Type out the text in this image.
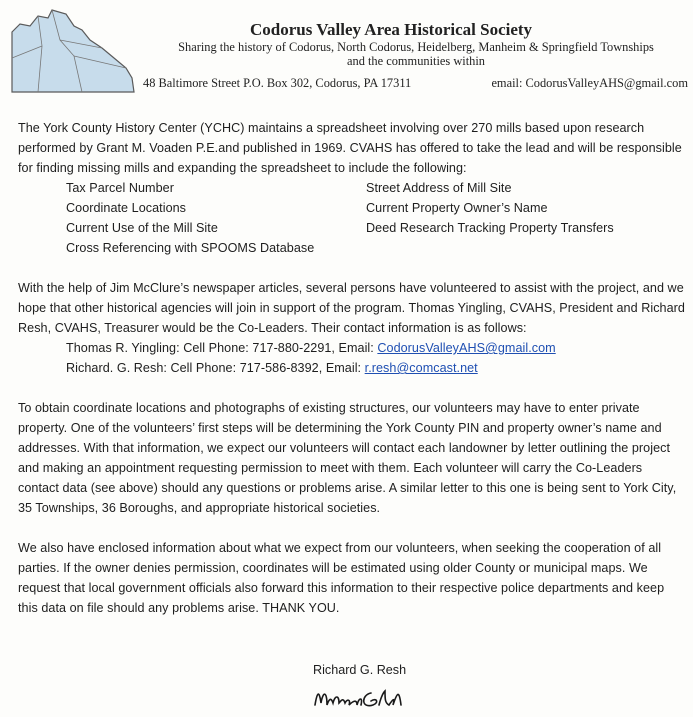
Codorus Valley Area Historical Society
Sharing the history of Codorus, North Codorus, Heidelberg, Manheim & Springfield Townships
and the communities within
48 Baltimore Street P.O. Box 302, Codorus, PA 17311	email: CodorusValleyAHS@gmail.com

The York County History Center (YCHC) maintains a spreadsheet involving over 270 mills based upon research performed by Grant M. Voaden P.E.and published in 1969. CVAHS has offered to take the lead and will be responsible for finding missing mills and expanding the spreadsheet to include the following:

Tax Parcel Number	Street Address of Mill Site
Coordinate Locations	Current Property Owner’s Name
Current Use of the Mill Site	Deed Research Tracking Property Transfers
Cross Referencing with SPOOMS Database

With the help of Jim McClure’s newspaper articles, several persons have volunteered to assist with the project, and we hope that other historical agencies will join in support of the program. Thomas Yingling, CVAHS, President and Richard Resh, CVAHS, Treasurer would be the Co-Leaders. Their contact information is as follows:

Thomas R. Yingling: Cell Phone: 717-880-2291, Email: CodorusValleyAHS@gmail.com
Richard. G. Resh: Cell Phone: 717-586-8392, Email: r.resh@comcast.net

To obtain coordinate locations and photographs of existing structures, our volunteers may have to enter private property. One of the volunteers’ first steps will be determining the York County PIN and property owner’s name and addresses. With that information, we expect our volunteers will contact each landowner by letter outlining the project and making an appointment requesting permission to meet with them. Each volunteer will carry the Co-Leaders contact data (see above) should any questions or problems arise. A similar letter to this one is being sent to York City, 35 Townships, 36 Boroughs, and appropriate historical societies.

We also have enclosed information about what we expect from our volunteers, when seeking the cooperation of all parties. If the owner denies permission, coordinates will be estimated using older County or municipal maps. We request that local government officials also forward this information to their respective police departments and keep this data on file should any problems arise. THANK YOU.

Richard G. Resh
